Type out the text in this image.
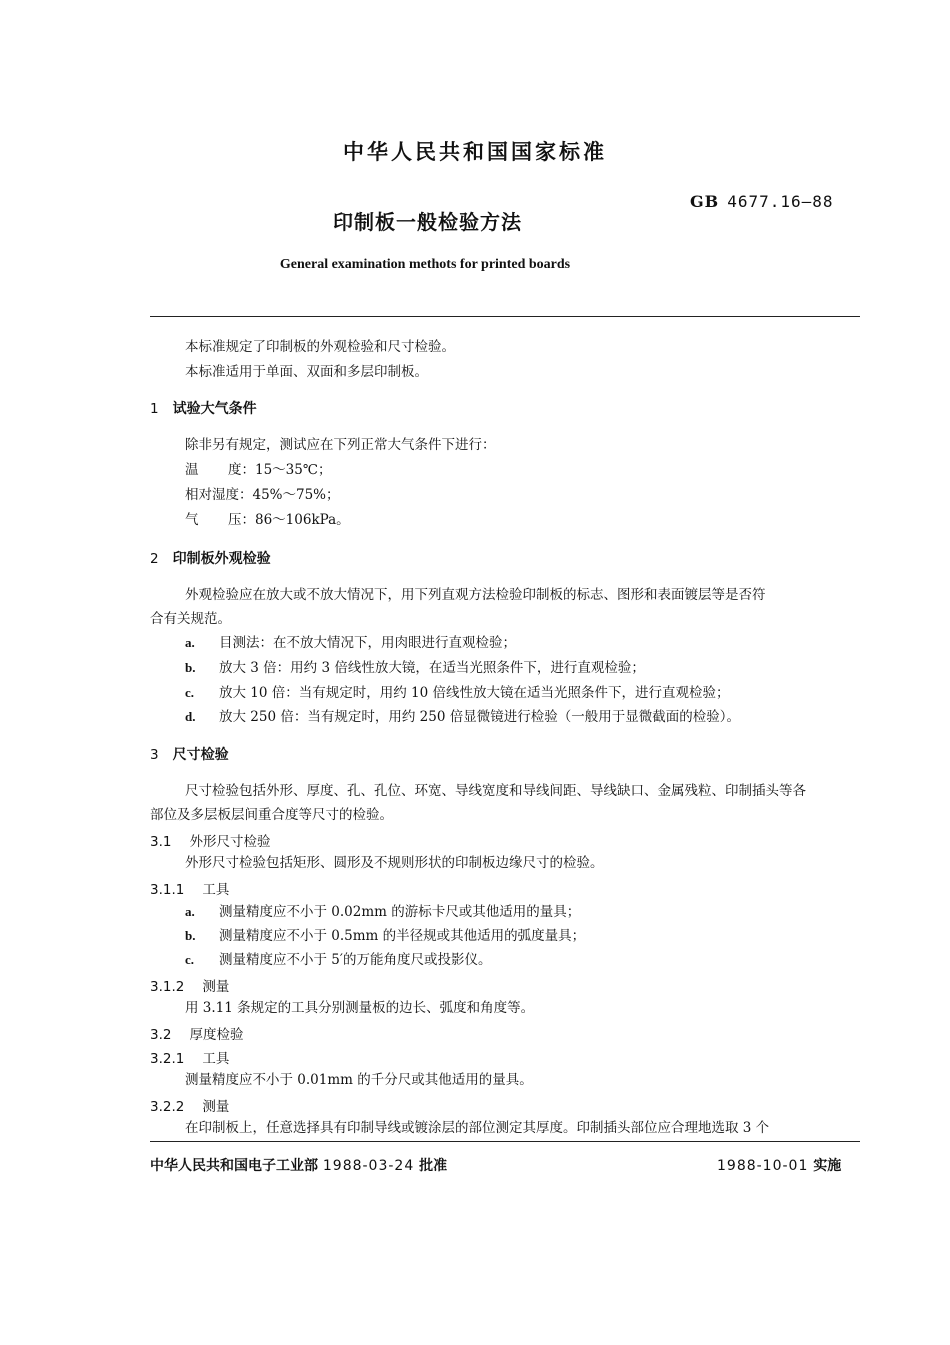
中华人民共和国国家标准
GB 4677.16—88
印制板一般检验方法
General examination methots for printed boards
本标准规定了印制板的外观检验和尺寸检验。
本标准适用于单面、双面和多层印制板。
1 试验大气条件
除非另有规定，测试应在下列正常大气条件下进行：
温 度：15～35℃；
相对湿度：45%～75%；
气 压：86～106kPa。
2 印制板外观检验
外观检验应在放大或不放大情况下，用下列直观方法检验印制板的标志、图形和表面镀层等是否符
合有关规范。
a. 目测法：在不放大情况下，用肉眼进行直观检验；
b. 放大 3 倍：用约 3 倍线性放大镜，在适当光照条件下，进行直观检验；
c. 放大 10 倍：当有规定时，用约 10 倍线性放大镜在适当光照条件下，进行直观检验；
d. 放大 250 倍：当有规定时，用约 250 倍显微镜进行检验（一般用于显微截面的检验）。
3 尺寸检验
尺寸检验包括外形、厚度、孔、孔位、环宽、导线宽度和导线间距、导线缺口、金属残粒、印制插头等各
部位及多层板层间重合度等尺寸的检验。
3.1 外形尺寸检验
外形尺寸检验包括矩形、圆形及不规则形状的印制板边缘尺寸的检验。
3.1.1 工具
a. 测量精度应不小于 0.02mm 的游标卡尺或其他适用的量具；
b. 测量精度应不小于 0.5mm 的半径规或其他适用的弧度量具；
c. 测量精度应不小于 5′的万能角度尺或投影仪。
3.1.2 测量
用 3.11 条规定的工具分别测量板的边长、弧度和角度等。
3.2 厚度检验
3.2.1 工具
测量精度应不小于 0.01mm 的千分尺或其他适用的量具。
3.2.2 测量
在印制板上，任意选择具有印制导线或镀涂层的部位测定其厚度。印制插头部位应合理地选取 3 个
中华人民共和国电子工业部 1988-03-24 批准	1988-10-01 实施
